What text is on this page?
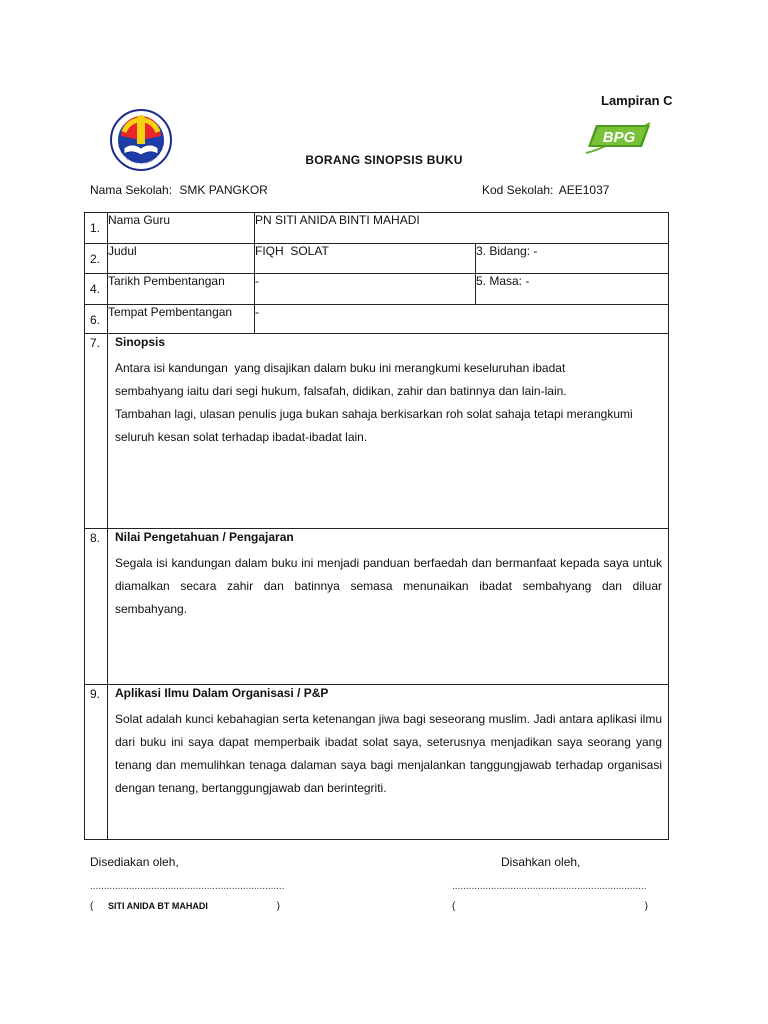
Lampiran C
KEMENTERIAN PENDIDIKAN MALA	BPG
BORANG SINOPSIS BUKU
Nama Sekolah: SMK PANGKOR	Kod Sekolah: AEE1037
1.	Nama Guru	PN SITI ANIDA BINTI MAHADI	
2.	Judul	FIQH  SOLAT	3. Bidang: -
4.	Tarikh Pembentangan	-	5. Masa: -
6.	Tempat Pembentangan	-	
7.	Sinopsis
Antara isi kandungan  yang disajikan dalam buku ini merangkumi keseluruhan ibadat
sembahyang iaitu dari segi hukum, falsafah, didikan, zahir dan batinnya dan lain-lain.
Tambahan lagi, ulasan penulis juga bukan sahaja berkisarkan roh solat sahaja tetapi merangkumi
seluruh kesan solat terhadap ibadat-ibadat lain.		

8.	Nilai Pengetahuan / Pengajaran
Segala isi kandungan dalam buku ini menjadi panduan berfaedah dan bermanfaat kepada saya untuk diamalkan secara zahir dan batinnya semasa menunaikan ibadat sembahyang dan diluar sembahyang.		

9.	Aplikasi Ilmu Dalam Organisasi / P&P
Solat adalah kunci kebahagian serta ketenangan jiwa bagi seseorang muslim. Jadi antara aplikasi ilmu dari buku ini saya dapat memperbaik ibadat solat saya, seterusnya menjadikan saya seorang yang tenang dan memulihkan tenaga dalaman saya bagi menjalankan tanggungjawab terhadap organisasi dengan tenang, bertanggungjawab dan berintegriti.		
Disediakan oleh,	Disahkan oleh,
......................................................................	......................................................................
( SITI ANIDA BT MAHADI	)	(	)
